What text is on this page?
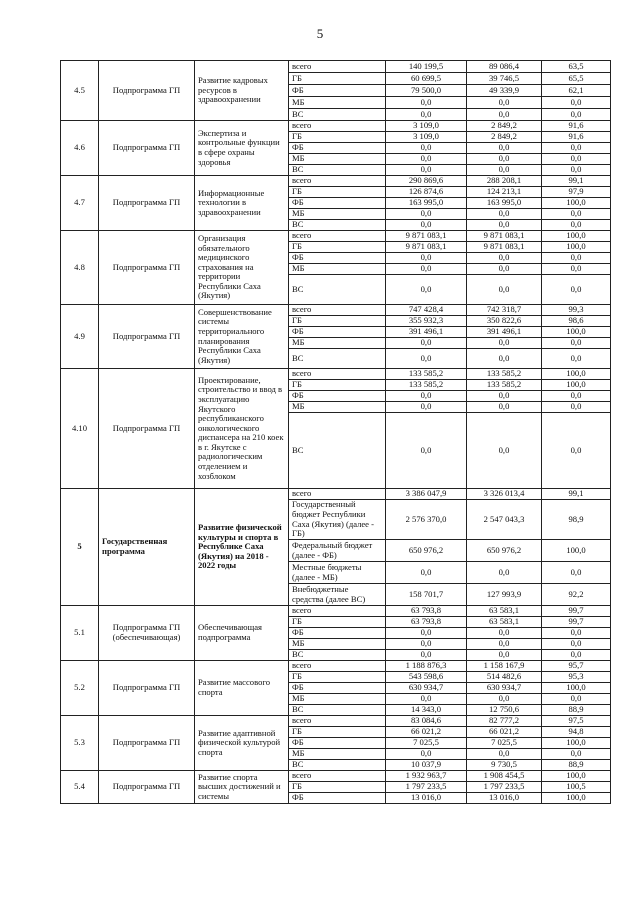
5
4.5	Подпрограмма ГП	Развитие кадровых ресурсов в здравоохранении	всего	140 199,5	89 086,4	63,5
			ГБ	60 699,5	39 746,5	65,5
			ФБ	79 500,0	49 339,9	62,1
			МБ	0,0	0,0	0,0
			ВС	0,0	0,0	0,0
4.6	Подпрограмма ГП	Экспертиза и контрольные функции в сфере охраны здоровья	всего	3 109,0	2 849,2	91,6
			ГБ	3 109,0	2 849,2	91,6
			ФБ	0,0	0,0	0,0
			МБ	0,0	0,0	0,0
			ВС	0,0	0,0	0,0
4.7	Подпрограмма ГП	Информационные технологии в здравоохранении	всего	290 869,6	288 208,1	99,1
			ГБ	126 874,6	124 213,1	97,9
			ФБ	163 995,0	163 995,0	100,0
			МБ	0,0	0,0	0,0
			ВС	0,0	0,0	0,0
4.8	Подпрограмма ГП	Организация обязательного медицинского страхования на территории Республики Саха (Якутия)	всего	9 871 083,1	9 871 083,1	100,0
			ГБ	9 871 083,1	9 871 083,1	100,0
			ФБ	0,0	0,0	0,0
			МБ	0,0	0,0	0,0
			ВС	0,0	0,0	0,0
4.9	Подпрограмма ГП	Совершенствование системы территориального планирования Республики Саха (Якутия)	всего	747 428,4	742 318,7	99,3
			ГБ	355 932,3	350 822,6	98,6
			ФБ	391 496,1	391 496,1	100,0
			МБ	0,0	0,0	0,0
			ВС	0,0	0,0	0,0
4.10	Подпрограмма ГП	Проектирование, строительство и ввод в эксплуатацию Якутского республиканского онкологического диспансера на 210 коек в г. Якутске с радиологическим отделением и хозблоком	всего	133 585,2	133 585,2	100,0
			ГБ	133 585,2	133 585,2	100,0
			ФБ	0,0	0,0	0,0
			МБ	0,0	0,0	0,0
			ВС	0,0	0,0	0,0
5	Государственная программа	Развитие физической культуры и спорта в Республике Саха (Якутия) на 2018 - 2022 годы	всего	3 386 047,9	3 326 013,4	99,1
			Государственный бюджет Республики Саха (Якутия) (далее - ГБ)	2 576 370,0	2 547 043,3	98,9
			Федеральный бюджет (далее - ФБ)	650 976,2	650 976,2	100,0
			Местные бюджеты (далее - МБ)	0,0	0,0	0,0
			Внебюджетные средства (далее ВС)	158 701,7	127 993,9	92,2
5.1	Подпрограмма ГП (обеспечивающая)	Обеспечивающая подпрограмма	всего	63 793,8	63 583,1	99,7
			ГБ	63 793,8	63 583,1	99,7
			ФБ	0,0	0,0	0,0
			МБ	0,0	0,0	0,0
			ВС	0,0	0,0	0,0
5.2	Подпрограмма ГП	Развитие массового спорта	всего	1 188 876,3	1 158 167,9	95,7
			ГБ	543 598,6	514 482,6	95,3
			ФБ	630 934,7	630 934,7	100,0
			МБ	0,0	0,0	0,0
			ВС	14 343,0	12 750,6	88,9
5.3	Подпрограмма ГП	Развитие адаптивной физической культурой спорта	всего	83 084,6	82 777,2	97,5
			ГБ	66 021,2	66 021,2	94,8
			ФБ	7 025,5	7 025,5	100,0
			МБ	0,0	0,0	0,0
			ВС	10 037,9	9 730,5	88,9
5.4	Подпрограмма ГП	Развитие спорта высших достижений и системы	всего	1 932 963,7	1 908 454,5	100,0
			ГБ	1 797 233,5	1 797 233,5	100,5
			ФБ	13 016,0	13 016,0	100,0
